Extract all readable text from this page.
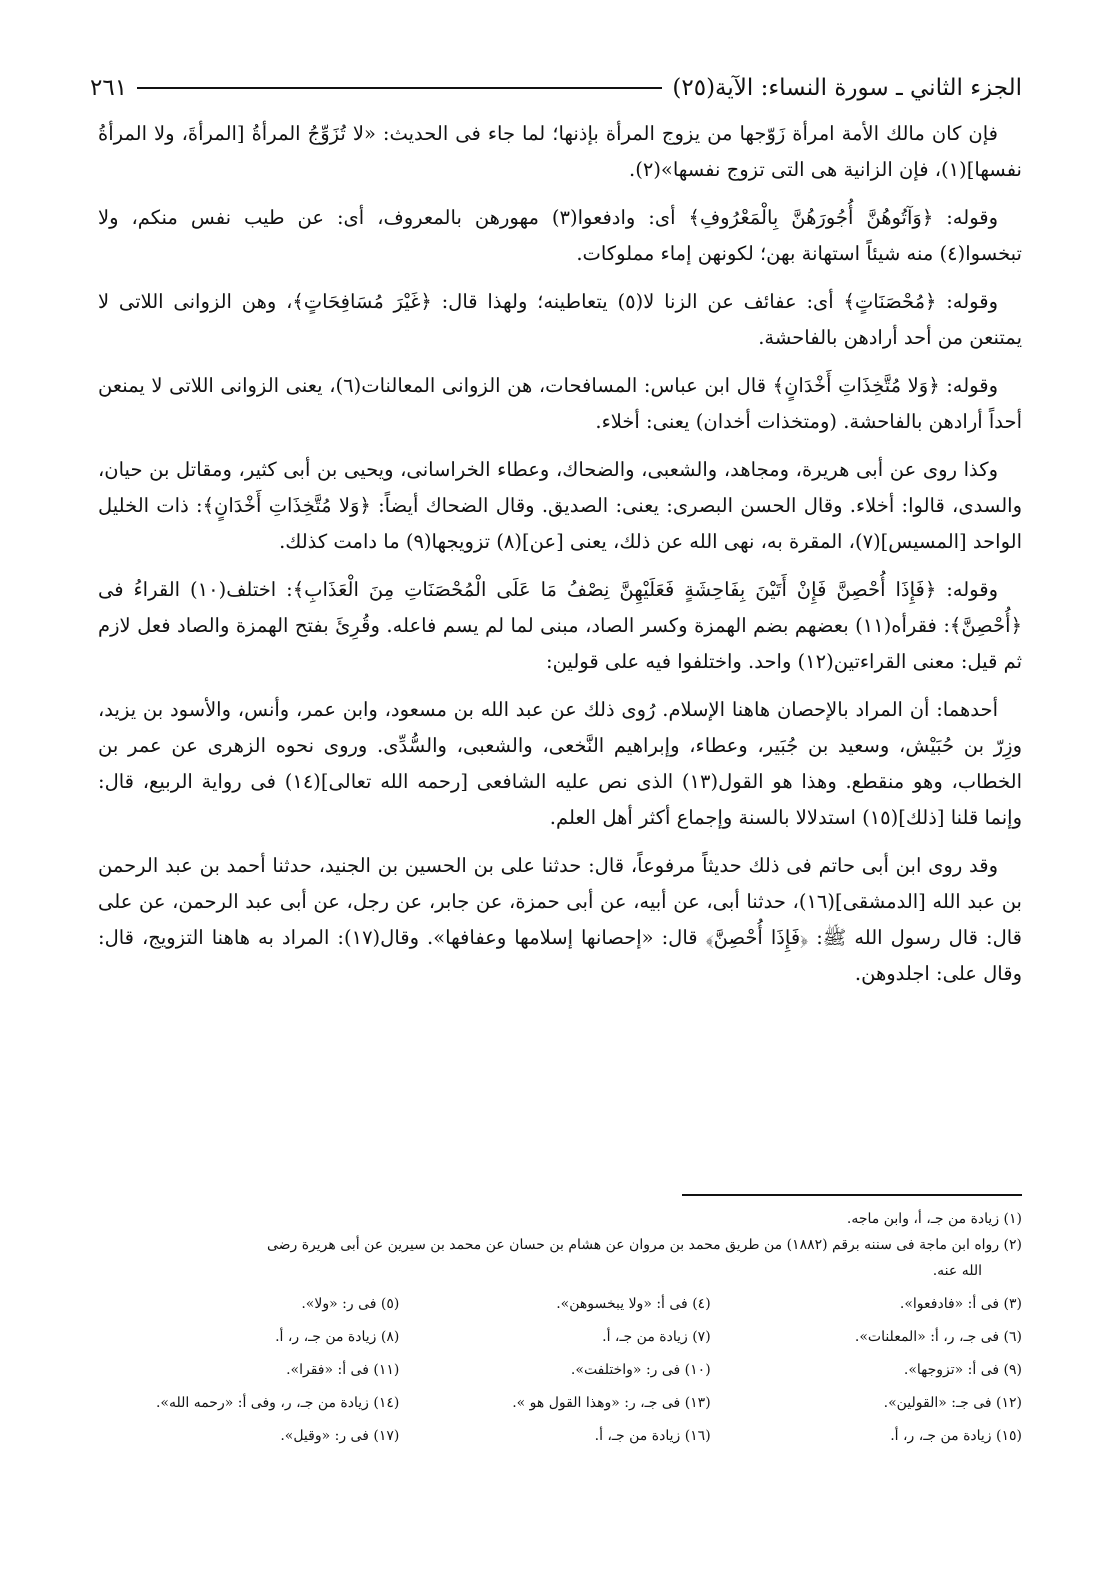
الجزء الثاني ـ سورة النساء: الآية(٢٥)
٢٦١

فإن كان مالك الأمة امرأة زَوّجها من يزوج المرأة بإذنها؛ لما جاء فى الحديث: «لا تُزَوِّجُ المرأةُ [المرأةَ، ولا المرأةُ نفسها](١)، فإن الزانية هى التى تزوج نفسها»(٢).

وقوله: ﴿وَآتُوهُنَّ أُجُورَهُنَّ بِالْمَعْرُوفِ﴾ أى: وادفعوا(٣) مهورهن بالمعروف، أى: عن طيب نفس منكم، ولا تبخسوا(٤) منه شيئاً استهانة بهن؛ لكونهن إماء مملوكات.

وقوله: ﴿مُحْصَنَاتٍ﴾ أى: عفائف عن الزنا لا(٥) يتعاطينه؛ ولهذا قال: ﴿غَيْرَ مُسَافِحَاتٍ﴾، وهن الزوانى اللاتى لا يمتنعن من أحد أرادهن بالفاحشة.

وقوله: ﴿وَلا مُتَّخِذَاتِ أَخْدَانٍ﴾ قال ابن عباس: المسافحات، هن الزوانى المعالنات(٦)، يعنى الزوانى اللاتى لا يمنعن أحداً أرادهن بالفاحشة. (ومتخذات أخدان) يعنى: أخلاء.

وكذا روى عن أبى هريرة، ومجاهد، والشعبى، والضحاك، وعطاء الخراسانى، ويحيى بن أبى كثير، ومقاتل بن حيان، والسدى، قالوا: أخلاء. وقال الحسن البصرى: يعنى: الصديق. وقال الضحاك أيضاً: ﴿وَلا مُتَّخِذَاتِ أَخْدَانٍ﴾: ذات الخليل الواحد [المسيس](٧)، المقرة به، نهى الله عن ذلك، يعنى [عن](٨) تزويجها(٩) ما دامت كذلك.

وقوله: ﴿فَإِذَا أُحْصِنَّ فَإِنْ أَتَيْنَ بِفَاحِشَةٍ فَعَلَيْهِنَّ نِصْفُ مَا عَلَى الْمُحْصَنَاتِ مِنَ الْعَذَابِ﴾: اختلف(١٠) القراءُ فى ﴿أُحْصِنَّ﴾: فقرأه(١١) بعضهم بضم الهمزة وكسر الصاد، مبنى لما لم يسم فاعله. وقُرِئَ بفتح الهمزة والصاد فعل لازم ثم قيل: معنى القراءتين(١٢) واحد. واختلفوا فيه على قولين:

أحدهما: أن المراد بالإحصان هاهنا الإسلام. رُوى ذلك عن عبد الله بن مسعود، وابن عمر، وأنس، والأسود بن يزيد، وزِرّ بن حُبَيْش، وسعيد بن جُبَير، وعطاء، وإبراهيم النَّخعى، والشعبى، والسُّدِّى. وروى نحوه الزهرى عن عمر بن الخطاب، وهو منقطع. وهذا هو القول(١٣) الذى نص عليه الشافعى [رحمه الله تعالى](١٤) فى رواية الربيع، قال: وإنما قلنا [ذلك](١٥) استدلالا بالسنة وإجماع أكثر أهل العلم.

وقد روى ابن أبى حاتم فى ذلك حديثاً مرفوعاً، قال: حدثنا على بن الحسين بن الجنيد، حدثنا أحمد بن عبد الرحمن بن عبد الله [الدمشقى](١٦)، حدثنا أبى، عن أبيه، عن أبى حمزة، عن جابر، عن رجل، عن أبى عبد الرحمن، عن على قال: قال رسول الله ﷺ: ﴿فَإِذَا أُحْصِنَّ﴾ قال: «إحصانها إسلامها وعفافها». وقال(١٧): المراد به هاهنا التزويج، قال: وقال على: اجلدوهن.

(١) زيادة من جـ، أ، وابن ماجه.

(٢) رواه ابن ماجة فى سننه برقم (١٨٨٢) من طريق محمد بن مروان عن هشام بن حسان عن محمد بن سيرين عن أبى هريرة رضى

الله عنه.

(٣) فى أ: «فادفعوا».
(٤) فى أ: «ولا يبخسوهن».
(٥) فى ر: «ولا».
(٦) فى جـ، ر، أ: «المعلنات».
(٧) زيادة من جـ، أ.
(٨) زيادة من جـ، ر، أ.
(٩) فى أ: «تزوجها».
(١٠) فى ر: «واختلفت».
(١١) فى أ: «فقرا».
(١٢) فى جـ: «القولين».
(١٣) فى جـ، ر: «وهذا القول هو ».
(١٤) زيادة من جـ، ر، وفى أ: «رحمه الله».
(١٥) زيادة من جـ، ر، أ.
(١٦) زيادة من جـ، أ.
(١٧) فى ر: «وقيل».
